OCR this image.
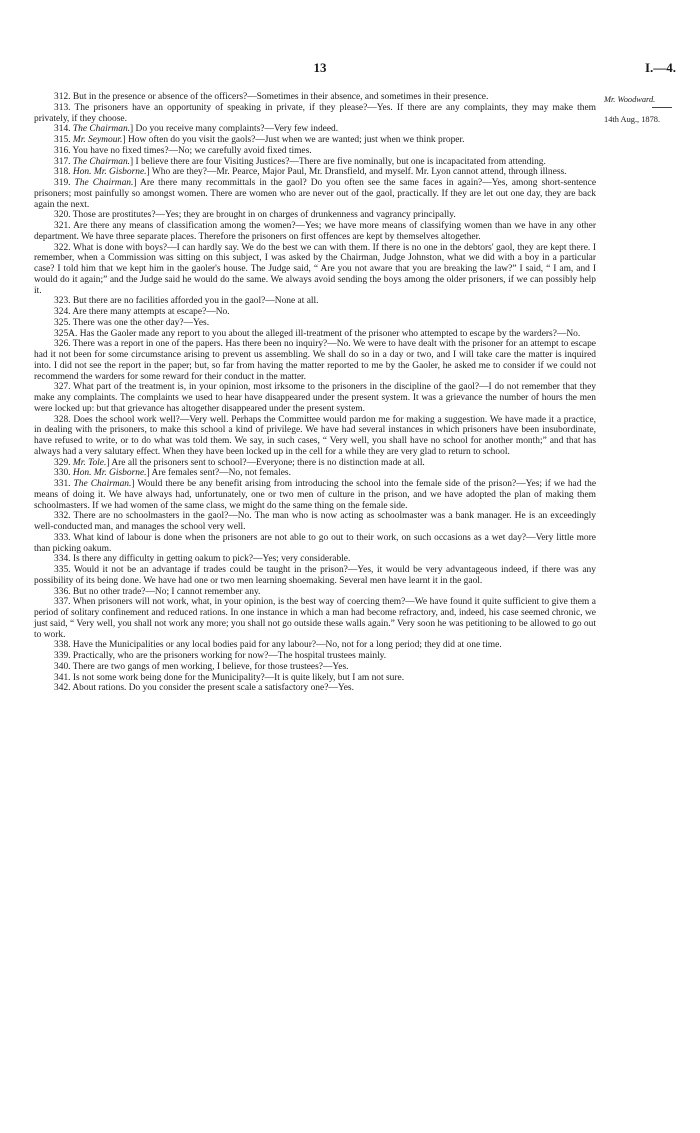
13	I.—4.
Mr. Woodward.
14th Aug., 1878.

312. But in the presence or absence of the officers?—Sometimes in their absence, and sometimes in their presence.

313. The prisoners have an opportunity of speaking in private, if they please?—Yes. If there are any complaints, they may make them privately, if they choose.

314. The Chairman.] Do you receive many complaints?—Very few indeed.

315. Mr. Seymour.] How often do you visit the gaols?—Just when we are wanted; just when we think proper.

316. You have no fixed times?—No; we carefully avoid fixed times.

317. The Chairman.] I believe there are four Visiting Justices?—There are five nominally, but one is incapacitated from attending.

318. Hon. Mr. Gisborne.] Who are they?—Mr. Pearce, Major Paul, Mr. Dransfield, and myself. Mr. Lyon cannot attend, through illness.

319. The Chairman.] Are there many recommittals in the gaol? Do you often see the same faces in again?—Yes, among short-sentence prisoners; most painfully so amongst women. There are women who are never out of the gaol, practically. If they are let out one day, they are back again the next.

320. Those are prostitutes?—Yes; they are brought in on charges of drunkenness and vagrancy principally.

321. Are there any means of classification among the women?—Yes; we have more means of classifying women than we have in any other department. We have three separate places. Therefore the prisoners on first offences are kept by themselves altogether.

322. What is done with boys?—I can hardly say. We do the best we can with them. If there is no one in the debtors' gaol, they are kept there. I remember, when a Commission was sitting on this subject, I was asked by the Chairman, Judge Johnston, what we did with a boy in a particular case? I told him that we kept him in the gaoler's house. The Judge said, “ Are you not aware that you are breaking the law?” I said, “ I am, and I would do it again;” and the Judge said he would do the same. We always avoid sending the boys among the older prisoners, if we can possibly help it.

323. But there are no facilities afforded you in the gaol?—None at all.

324. Are there many attempts at escape?—No.

325. There was one the other day?—Yes.

325A. Has the Gaoler made any report to you about the alleged ill-treatment of the prisoner who attempted to escape by the warders?—No.

326. There was a report in one of the papers. Has there been no inquiry?—No. We were to have dealt with the prisoner for an attempt to escape had it not been for some circumstance arising to prevent us assembling. We shall do so in a day or two, and I will take care the matter is inquired into. I did not see the report in the paper; but, so far from having the matter reported to me by the Gaoler, he asked me to consider if we could not recommend the warders for some reward for their conduct in the matter.

327. What part of the treatment is, in your opinion, most irksome to the prisoners in the discipline of the gaol?—I do not remember that they make any complaints. The complaints we used to hear have disappeared under the present system. It was a grievance the number of hours the men were locked up: but that grievance has altogether disappeared under the present system.

328. Does the school work well?—Very well. Perhaps the Committee would pardon me for making a suggestion. We have made it a practice, in dealing with the prisoners, to make this school a kind of privilege. We have had several instances in which prisoners have been insubordinate, have refused to write, or to do what was told them. We say, in such cases, “ Very well, you shall have no school for another month;” and that has always had a very salutary effect. When they have been locked up in the cell for a while they are very glad to return to school.

329. Mr. Tole.] Are all the prisoners sent to school?—Everyone; there is no distinction made at all.

330. Hon. Mr. Gisborne.] Are females sent?—No, not females.

331. The Chairman.] Would there be any benefit arising from introducing the school into the female side of the prison?—Yes; if we had the means of doing it. We have always had, unfortunately, one or two men of culture in the prison, and we have adopted the plan of making them schoolmasters. If we had women of the same class, we might do the same thing on the female side.

332. There are no schoolmasters in the gaol?—No. The man who is now acting as schoolmaster was a bank manager. He is an exceedingly well-conducted man, and manages the school very well.

333. What kind of labour is done when the prisoners are not able to go out to their work, on such occasions as a wet day?—Very little more than picking oakum.

334. Is there any difficulty in getting oakum to pick?—Yes; very considerable.

335. Would it not be an advantage if trades could be taught in the prison?—Yes, it would be very advantageous indeed, if there was any possibility of its being done. We have had one or two men learning shoemaking. Several men have learnt it in the gaol.

336. But no other trade?—No; I cannot remember any.

337. When prisoners will not work, what, in your opinion, is the best way of coercing them?—We have found it quite sufficient to give them a period of solitary confinement and reduced rations. In one instance in which a man had become refractory, and, indeed, his case seemed chronic, we just said, “ Very well, you shall not work any more; you shall not go outside these walls again.” Very soon he was petitioning to be allowed to go out to work.

338. Have the Municipalities or any local bodies paid for any labour?—No, not for a long period; they did at one time.

339. Practically, who are the prisoners working for now?—The hospital trustees mainly.

340. There are two gangs of men working, I believe, for those trustees?—Yes.

341. Is not some work being done for the Municipality?—It is quite likely, but I am not sure.

342. About rations. Do you consider the present scale a satisfactory one?—Yes.
